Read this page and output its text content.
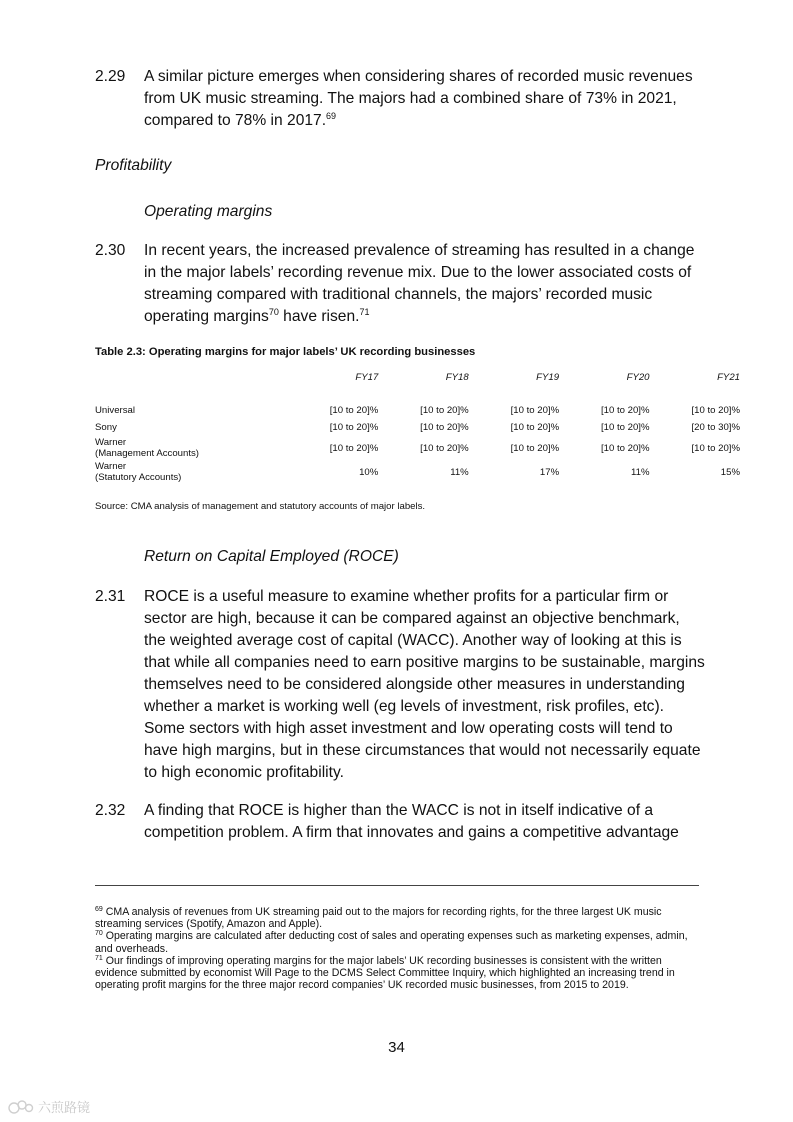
2.29 A similar picture emerges when considering shares of recorded music revenues from UK music streaming. The majors had a combined share of 73% in 2021, compared to 78% in 2017.69
Profitability
Operating margins
2.30 In recent years, the increased prevalence of streaming has resulted in a change in the major labels’ recording revenue mix. Due to the lower associated costs of streaming compared with traditional channels, the majors’ recorded music operating margins$^{70}$ have risen.$^{71}$
Table 2.3: Operating margins for major labels’ UK recording businesses
	FY17	FY18	FY19	FY20	FY21

Universal	[10 to 20]%	[10 to 20]%	[10 to 20]%	[10 to 20]%	[10 to 20]%
Sony	[10 to 20]%	[10 to 20]%	[10 to 20]%	[10 to 20]%	[20 to 30]%
Warner
(Management Accounts)	[10 to 20]%	[10 to 20]%	[10 to 20]%	[10 to 20]%	[10 to 20]%
Warner
(Statutory Accounts)	10%	11%	17%	11%	15%
Source: CMA analysis of management and statutory accounts of major labels.
Return on Capital Employed (ROCE)
2.31 ROCE is a useful measure to examine whether profits for a particular firm or sector are high, because it can be compared against an objective benchmark, the weighted average cost of capital (WACC). Another way of looking at this is that while all companies need to earn positive margins to be sustainable, margins themselves need to be considered alongside other measures in understanding whether a market is working well (eg levels of investment, risk profiles, etc). Some sectors with high asset investment and low operating costs will tend to have high margins, but in these circumstances that would not necessarily equate to high economic profitability.
2.32 A finding that ROCE is higher than the WACC is not in itself indicative of a competition problem. A firm that innovates and gains a competitive advantage
$^{69}$ CMA analysis of revenues from UK streaming paid out to the majors for recording rights, for the three largest UK music streaming services (Spotify, Amazon and Apple).
$^{70}$ Operating margins are calculated after deducting cost of sales and operating expenses such as marketing expenses, admin, and overheads.
$^{71}$ Our findings of improving operating margins for the major labels’ UK recording businesses is consistent with the written evidence submitted by economist Will Page to the DCMS Select Committee Inquiry, which highlighted an increasing trend in operating profit margins for the three major record companies’ UK recorded music businesses, from 2015 to 2019.
34
六煎路镜
